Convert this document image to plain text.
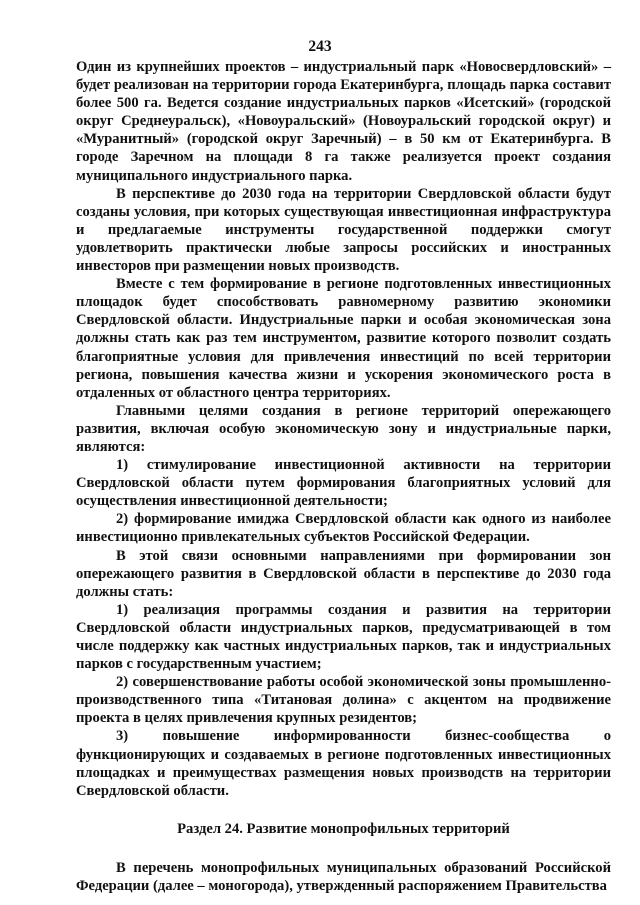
243

Один из крупнейших проектов – индустриальный парк «Новосвердловский» – будет реализован на территории города Екатеринбурга, площадь парка составит более 500 га. Ведется создание индустриальных парков «Исетский» (городской округ Среднеуральск), «Новоуральский» (Новоуральский городской округ) и «Муранитный» (городской округ Заречный) – в 50 км от Екатеринбурга. В городе Заречном на площади 8 га также реализуется проект создания муниципального индустриального парка.

В перспективе до 2030 года на территории Свердловской области будут созданы условия, при которых существующая инвестиционная инфраструктура и предлагаемые инструменты государственной поддержки смогут удовлетворить практически любые запросы российских и иностранных инвесторов при размещении новых производств.

Вместе с тем формирование в регионе подготовленных инвестиционных площадок будет способствовать равномерному развитию экономики Свердловской области. Индустриальные парки и особая экономическая зона должны стать как раз тем инструментом, развитие которого позволит создать благоприятные условия для привлечения инвестиций по всей территории региона, повышения качества жизни и ускорения экономического роста в отдаленных от областного центра территориях.

Главными целями создания в регионе территорий опережающего развития, включая особую экономическую зону и индустриальные парки, являются:

1) стимулирование инвестиционной активности на территории Свердловской области путем формирования благоприятных условий для осуществления инвестиционной деятельности;

2) формирование имиджа Свердловской области как одного из наиболее инвестиционно привлекательных субъектов Российской Федерации.

В этой связи основными направлениями при формировании зон опережающего развития в Свердловской области в перспективе до 2030 года должны стать:

1) реализация программы создания и развития на территории Свердловской области индустриальных парков, предусматривающей в том числе поддержку как частных индустриальных парков, так и индустриальных парков с государственным участием;

2) совершенствование работы особой экономической зоны промышленно-производственного типа «Титановая долина» с акцентом на продвижение проекта в целях привлечения крупных резидентов;

3) повышение информированности бизнес-сообщества о функционирующих и создаваемых в регионе подготовленных инвестиционных площадках и преимуществах размещения новых производств на территории Свердловской области.

Раздел 24. Развитие монопрофильных территорий

В перечень монопрофильных муниципальных образований Российской Федерации (далее – моногорода), утвержденный распоряжением Правительства
